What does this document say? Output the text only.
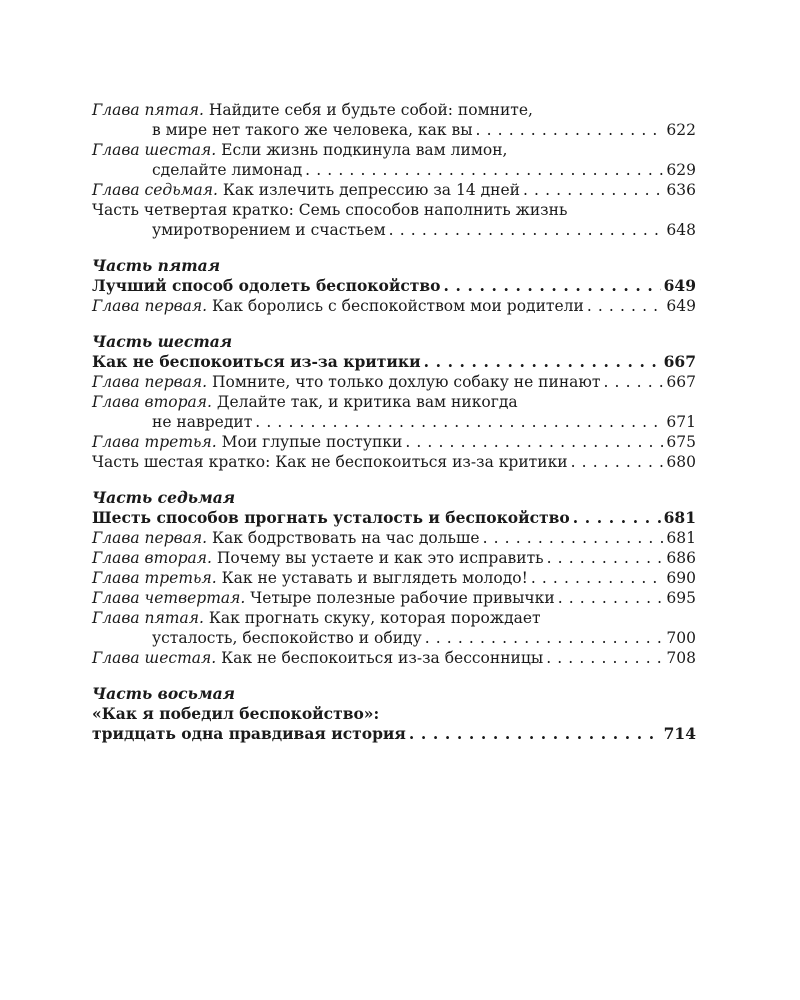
Глава пятая. Найдите себя и будьте собой: помните,
в мире нет такого же человека, как вы . . .	622
Глава шестая. Если жизнь подкинула вам лимон,
сделайте лимонад . . .	629
Глава седьмая. Как излечить депрессию за 14 дней . . .	636
Часть четвертая кратко: Семь способов наполнить жизнь
умиротворением и счастьем . . .	648
Часть пятая
Лучший способ одолеть беспокойство . . .	649
Глава первая. Как боролись с беспокойством мои родители . . .	649
Часть шестая
Как не беспокоиться из-за критики . . .	667
Глава первая. Помните, что только дохлую собаку не пинают . . .	667
Глава вторая. Делайте так, и критика вам никогда
не навредит . . .	671
Глава третья. Мои глупые поступки . . .	675
Часть шестая кратко: Как не беспокоиться из-за критики . . .	680
Часть седьмая
Шесть способов прогнать усталость и беспокойство . . .	681
Глава первая. Как бодрствовать на час дольше . . .	681
Глава вторая. Почему вы устаете и как это исправить . . .	686
Глава третья. Как не уставать и выглядеть молодо! . . .	690
Глава четвертая. Четыре полезные рабочие привычки . . .	695
Глава пятая. Как прогнать скуку, которая порождает
усталость, беспокойство и обиду . . .	700
Глава шестая. Как не беспокоиться из-за бессонницы . . .	708
Часть восьмая
«Как я победил беспокойство»:
тридцать одна правдивая история . . .	714
